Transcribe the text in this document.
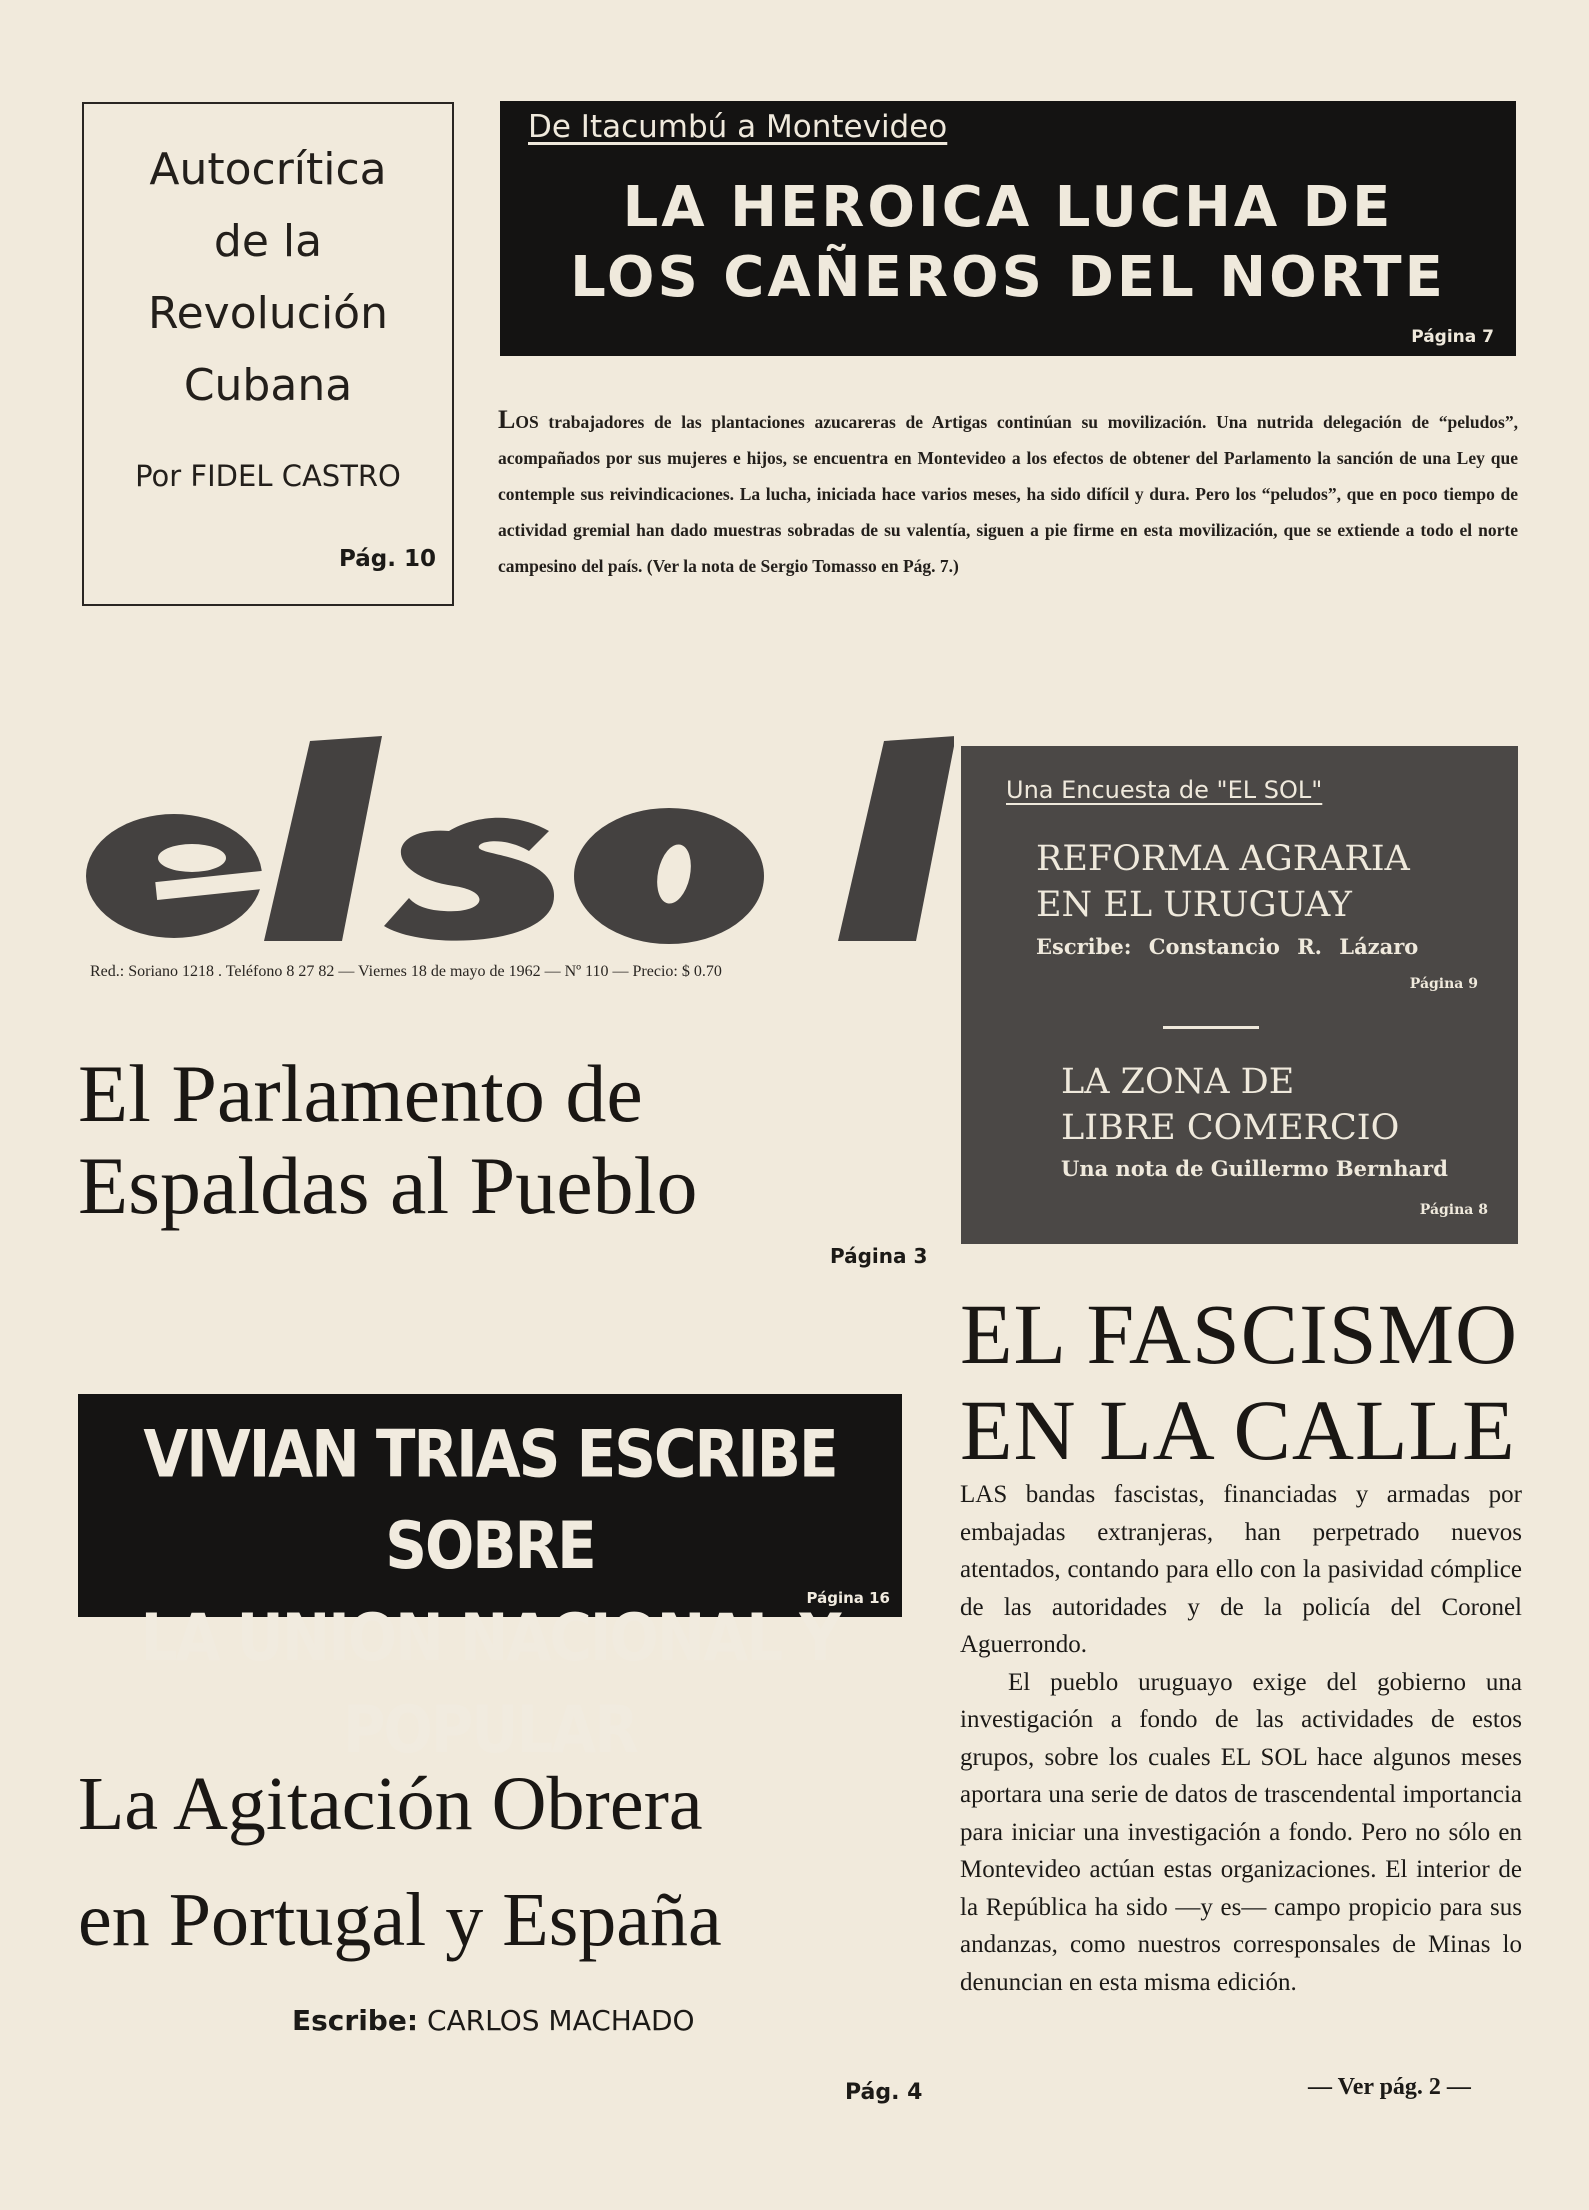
Autocrítica
de la
Revolución
Cubana
Por FIDEL CASTRO
Pág. 10
De Itacumbú a Montevideo
LA HEROICA LUCHA DE
LOS CAÑEROS DEL NORTE
Página 7
LOS trabajadores de las plantaciones azucareras de Artigas continúan su movilización. Una nutrida delegación de “peludos”, acompañados por sus mujeres e hijos, se encuentra en Montevideo a los efectos de obtener del Parlamento la sanción de una Ley que contemple sus reivindicaciones. La lucha, iniciada hace varios meses, ha sido difícil y dura. Pero los “peludos”, que en poco tiempo de actividad gremial han dado muestras sobradas de su valentía, siguen a pie firme en esta movilización, que se extiende a todo el norte campesino del país. (Ver la nota de Sergio Tomasso en Pág. 7.)
Red.: Soriano 1218 . Teléfono 8 27 82 — Viernes 18 de mayo de 1962 — Nº 110 — Precio: $ 0.70
Una Encuesta de "EL SOL"
REFORMA AGRARIA
EN EL URUGUAY
Escribe: Constancio R. Lázaro
Página 9
LA ZONA DE
LIBRE COMERCIO
Una nota de Guillermo Bernhard
Página 8
El Parlamento de
Espaldas al Pueblo
Página 3
EL FASCISMO
EN LA CALLE

LAS bandas fascistas, financiadas y armadas por embajadas extranjeras, han perpetrado nuevos atentados, contando para ello con la pasividad cómplice de las autoridades y de la policía del Coronel Aguerrondo.

El pueblo uruguayo exige del gobierno una investigación a fondo de las actividades de estos grupos, sobre los cuales EL SOL hace algunos meses aportara una serie de datos de trascendental importancia para iniciar una investigación a fondo. Pero no sólo en Montevideo actúan estas organizaciones. El interior de la República ha sido —y es— campo propicio para sus andanzas, como nuestros corresponsales de Minas lo denuncian en esta misma edición.

— Ver pág. 2 —
VIVIAN TRIAS ESCRIBE SOBRE
LA UNION NACIONAL Y POPULAR
Página 16
La Agitación Obrera
en Portugal y España
Escribe: CARLOS MACHADO
Pág. 4
